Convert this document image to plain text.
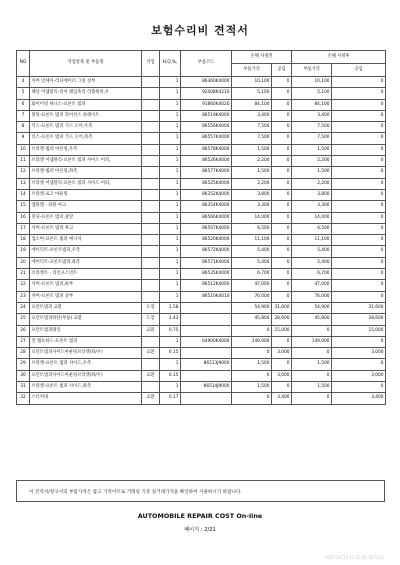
보험수리비 견적서
NO	작업항목 및 부품명	작업	H,Q,%,	부품코드	손해 사정전		손해 사정후	
					부품가격	공임	부품가격	공임
4	커버 앗세이-라디에이터 그릴 상부		1	86360K4000	10,100	0	10,100	0
5	패널 어셈블리-리어 레임축리 리츨쭉퍼,우		1	92408K4210	5,100	0	5,100	0
6	와이어링 하니스-프론트 범퍼		1	91860K4020	84,100	0	84,100	0
7	볼팅-프론트 범퍼 라이선스 플레이트		1	86519K4000	3,400	0	3,400	0
8	덕스-프론트 범퍼 가드 오어,우측		1	86556K4000	7,500	0	7,500	0
9	덕스-프론트 범퍼 가드 오어,좌측		1	86557K4000	7,500	0	7,500	0
10	브라켓-범퍼 아본링,우측		1	86578K4000	1,500	0	1,500	0
11	브라켓 어셈블리-프론트 범퍼 사이드 어퍼,		1	86526K4000	2,200	0	2,200	0
12	브라켓-범퍼 아본링,좌측		1	86577K4000	1,500	0	1,500	0
13	브라켓 어셈블리-프론트 범퍼 사이드 어퍼,		1	86525K4000	2,200	0	2,200	0
14	브라켓-로고 마운팅		1	86352K4000	3,800	0	3,800	0
15	엠블렘 - 좌블 마크		1	86354K4000	3,300	0	3,300	0
16	몰딩-프론트 범퍼,중앙		1	86566K4000	14,000	0	14,000	0
17	커버-프론트 범퍼 후크		1	86567K4000	6,500	0	6,500	0
18	업소버-프론트 범퍼 에너지		1	86520K4000	11,100	0	11,100	0
19	에이덕트-프론트범퍼,우측		1	86572K4000	5,400	0	5,400	0
20	에어덕트-프론트범퍼,좌측		1	86571K4000	5,400	0	5,400	0
21	브라켓트 - 리인포스먼트		1	86535K4000	6,700	0	6,700	0
22	커버-프론트 범퍼,하부		1	86512K4000	47,000	0	47,000	0
23	커버-프론트 범퍼 상부		1	86510K4010	76,000	0	76,000	0
24	프런트범퍼 교환	도장	1.58		54,900	31,600	54,900	31,600
25	프런트범퍼하단(부품) 교환	도장	1.43		45,800	28,600	45,800	28,600
26	프런트범퍼레일	교환	0.75		0	15,000	0	15,000
27	앞 램프하드-프론트 범퍼		1	64900K4000	149,000	0	149,000	0
28	프런트범퍼사이드마운팅브라켓(좌/우)	교환	0.15		0	3,000	0	3,000
29	브라켓-프론트 범퍼 사이드,우측		1	86513J9000	1,500	0	1,500	0
30	프런트범퍼사이드마운팅브라켓(좌/우)	교환	0.15		0	3,000	0	3,000
31	브라켓-프론트 범퍼 사이드,좌측		1	86514J9000	1,500	0	1,500	0
32	스티커네	교환	0.17		0	3,400	0	3,400
이 견적서/청구서의 부품가격은 참고 가격이므로 거래일 기준 실거래가격을 확인하여 사용하시기 바랍니다.
AUTOMOBILE REPAIR COST On-line
페이지 : 2/21
2025-03-19 11:34:46 (KT181)
